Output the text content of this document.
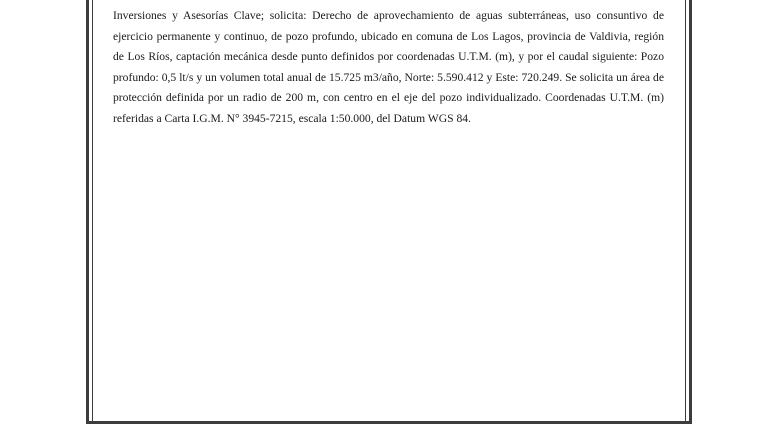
Inversiones y Asesorías Clave; solicita: Derecho de aprovechamiento de aguas subterráneas, uso consuntivo de ejercicio permanente y continuo, de pozo profundo, ubicado en comuna de Los Lagos, provincia de Valdivia, región de Los Ríos, captación mecánica desde punto definidos por coordenadas U.T.M. (m), y por el caudal siguiente: Pozo profundo: 0,5 lt/s y un volumen total anual de 15.725 m3/año, Norte: 5.590.412 y Este: 720.249. Se solicita un área de protección definida por un radio de 200 m, con centro en el eje del pozo individualizado. Coordenadas U.T.M. (m) referidas a Carta I.G.M. N° 3945-7215, escala 1:50.000, del Datum WGS 84.
